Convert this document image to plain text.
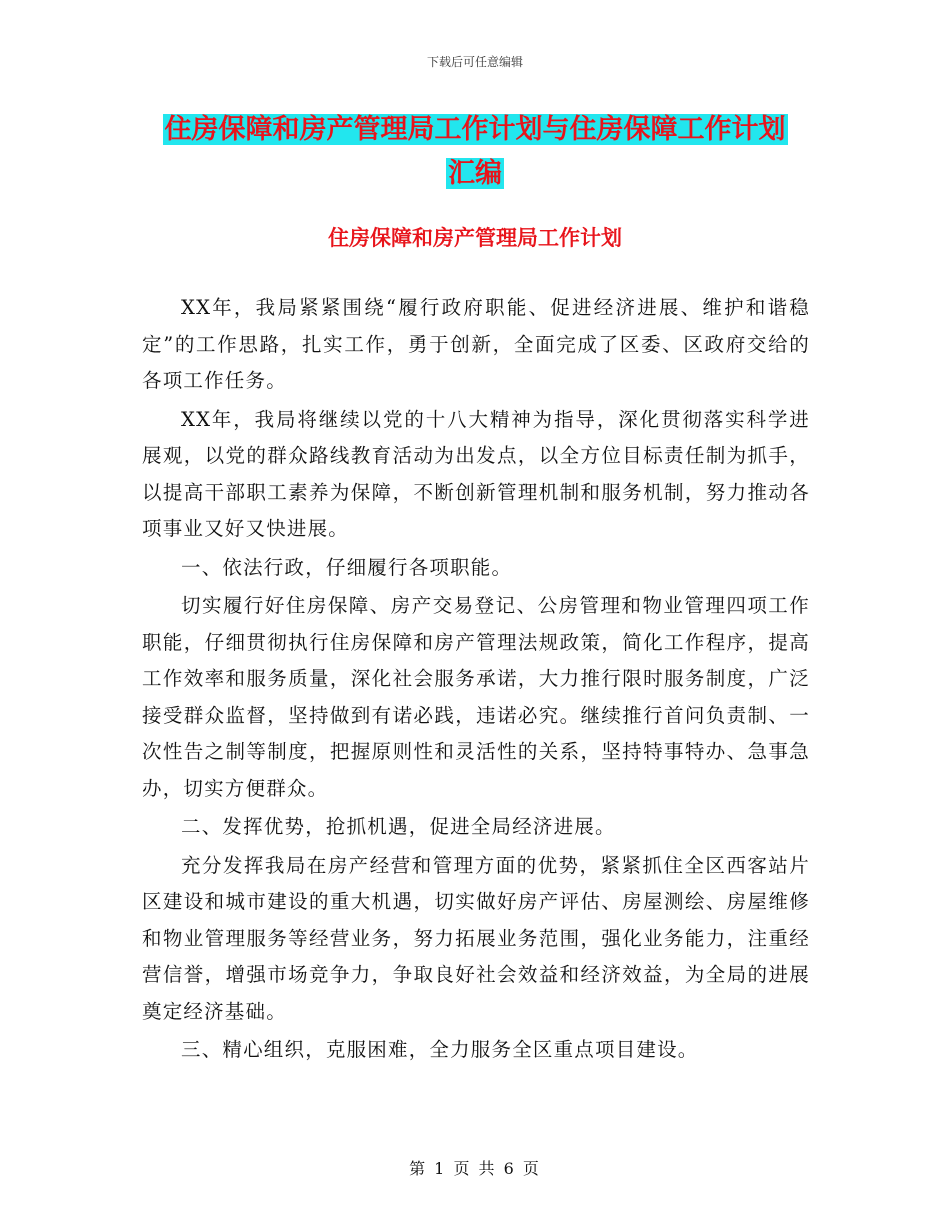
下载后可任意编辑
住房保障和房产管理局工作计划与住房保障工作计划
汇编
住房保障和房产管理局工作计划

XX年，我局紧紧围绕“履行政府职能、促进经济进展、维护和谐稳定”的工作思路，扎实工作，勇于创新，全面完成了区委、区政府交给的各项工作任务。

XX年，我局将继续以党的十八大精神为指导，深化贯彻落实科学进展观，以党的群众路线教育活动为出发点，以全方位目标责任制为抓手，以提高干部职工素养为保障，不断创新管理机制和服务机制，努力推动各项事业又好又快进展。

一、依法行政，仔细履行各项职能。

切实履行好住房保障、房产交易登记、公房管理和物业管理四项工作职能，仔细贯彻执行住房保障和房产管理法规政策，简化工作程序，提高工作效率和服务质量，深化社会服务承诺，大力推行限时服务制度，广泛接受群众监督，坚持做到有诺必践，违诺必究。继续推行首问负责制、一次性告之制等制度，把握原则性和灵活性的关系，坚持特事特办、急事急办，切实方便群众。

二、发挥优势，抢抓机遇，促进全局经济进展。

充分发挥我局在房产经营和管理方面的优势，紧紧抓住全区西客站片区建设和城市建设的重大机遇，切实做好房产评估、房屋测绘、房屋维修和物业管理服务等经营业务，努力拓展业务范围，强化业务能力，注重经营信誉，增强市场竞争力，争取良好社会效益和经济效益，为全局的进展奠定经济基础。

三、精心组织，克服困难，全力服务全区重点项目建设。

第 1 页 共 6 页
